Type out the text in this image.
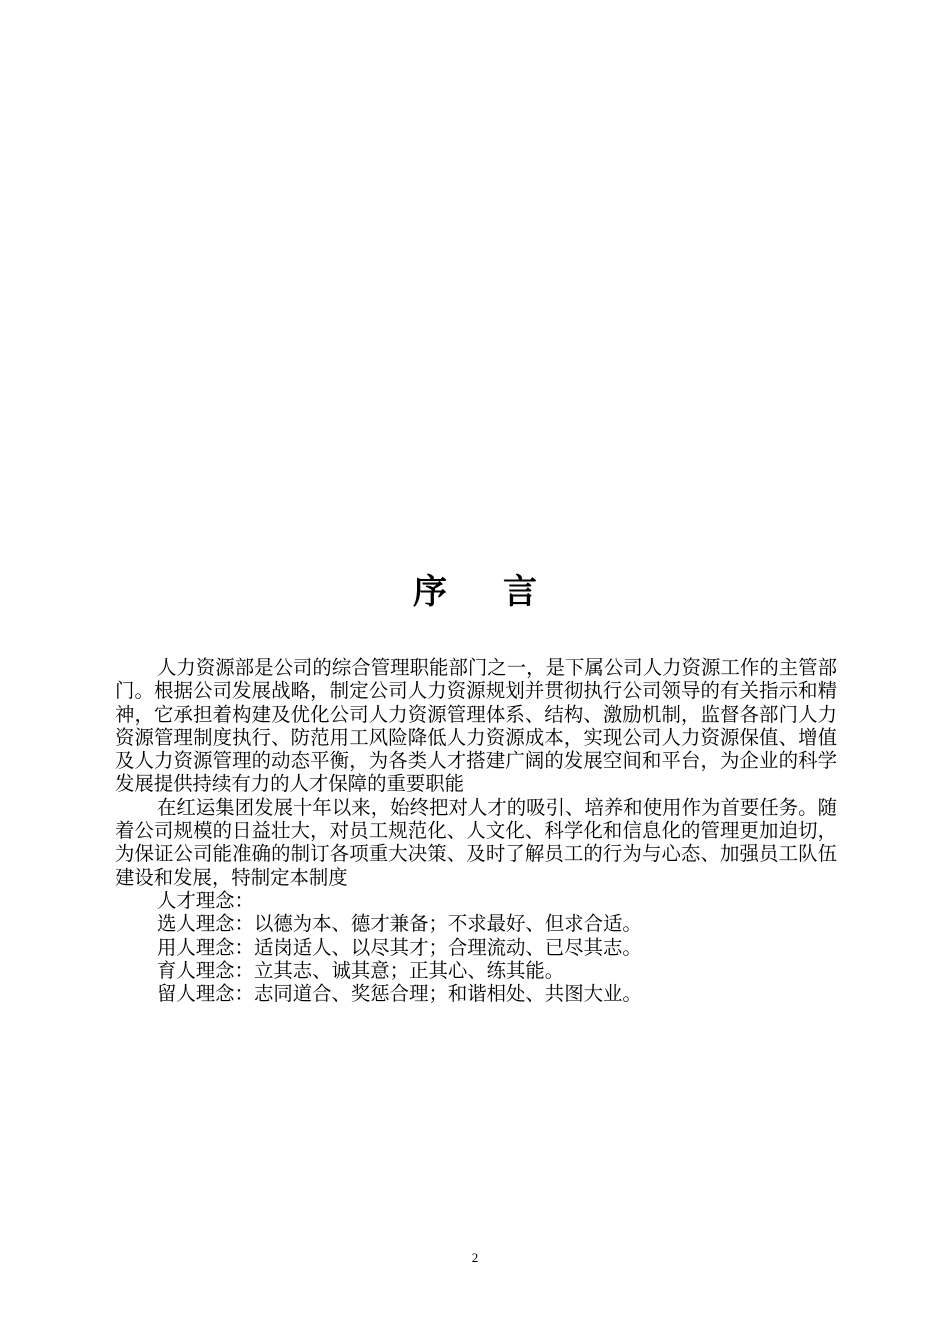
序 言

人力资源部是公司的综合管理职能部门之一，是下属公司人力资源工作的主管部门。根据公司发展战略，制定公司人力资源规划并贯彻执行公司领导的有关指示和精神，它承担着构建及优化公司人力资源管理体系、结构、激励机制，监督各部门人力资源管理制度执行、防范用工风险降低人力资源成本，实现公司人力资源保值、增值及人力资源管理的动态平衡，为各类人才搭建广阔的发展空间和平台，为企业的科学发展提供持续有力的人才保障的重要职能

在红运集团发展十年以来，始终把对人才的吸引、培养和使用作为首要任务。随着公司规模的日益壮大，对员工规范化、人文化、科学化和信息化的管理更加迫切，为保证公司能准确的制订各项重大决策、及时了解员工的行为与心态、加强员工队伍建设和发展，特制定本制度

人才理念：

选人理念：以德为本、德才兼备；不求最好、但求合适。

用人理念：适岗适人、以尽其才；合理流动、已尽其志。

育人理念：立其志、诚其意；正其心、练其能。

留人理念：志同道合、奖惩合理；和谐相处、共图大业。

2
